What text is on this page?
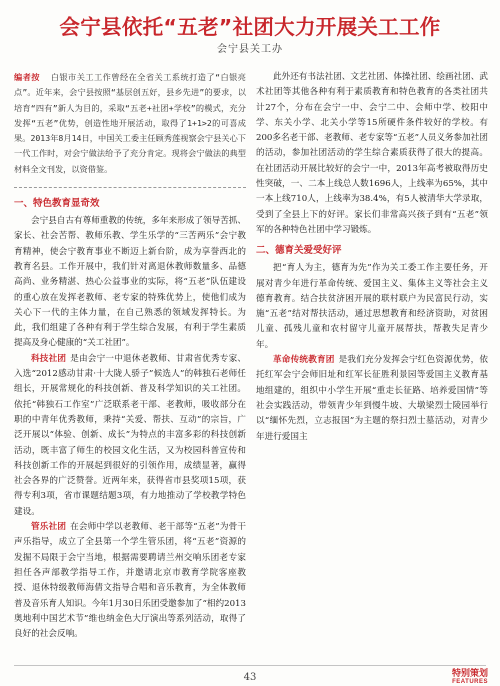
会宁县依托“五老”社团大力开展关工工作
会宁县关工办

编者按 白银市关工工作曾经在全省关工系统打造了“白银亮点”。近年来，会宁县按照“基层创五好，县乡先进”的要求，以培育“四有”新人为目的，采取“五老+社团+学校”的模式，充分发挥“五老”优势，创造性地开展活动，取得了1+1>2的可喜成果。2013年8月14日，中国关工委主任顾秀莲视察会宁县关心下一代工作时，对会宁做法给予了充分肯定。现将会宁做法的典型材料全文刊发，以资借鉴。

一、特色教育显奇效

会宁县自古有尊师重教的传统，多年来形成了领导苦抓、家长、社会苦帮、教师乐教、学生乐学的“三苦两乐”会宁教育精神，使会宁教育事业不断迈上新台阶，成为享誉西北的教育名县。工作开展中，我们针对离退休教师数量多、品德高尚、业务精湛、热心公益事业的实际，将“五老”队伍建设的重心放在发挥老教师、老专家的特殊优势上，使他们成为关心下一代的主体力量，在自己熟悉的领域发挥特长。为此，我们组建了各种有利于学生综合发展，有利于学生素质提高及身心健康的“关工社团”。

科技社团 是由会宁一中退休老教师、甘肃省优秀专家、入选“2012感动甘肃·十大陇人骄子”候选人”的韩独石老师任组长，开展常规化的科技创新、普及科学知识的关工社团。依托“韩独石工作室”广泛联系老干部、老教师，吸收部分在职的中青年优秀教师，秉持“关爱、帮扶、互动”的宗旨，广泛开展以“体验、创新、成长”为特点的丰富多彩的科技创新活动，既丰富了师生的校园文化生活，又为校园科普宣传和科技创新工作的开展起到很好的引领作用，成绩显著，赢得社会各界的广泛赞誉。近两年来，获得省市县奖项15项，获得专利3项，省市课题结题3项，有力地推动了学校教学特色建设。

管乐社团 在会师中学以老教师、老干部等“五老”为骨干声乐指导，成立了全县第一个学生管乐团，将“五老”资源的发掘不局限于会宁当地，根据需要聘请兰州交响乐团老专家担任各声部教学指导工作，并邀请北京市教育学院客座教授、退休特级教师海倩文指导合唱和音乐教育，为全体教师普及音乐育人知识。今年1月30日乐团受邀参加了“相约2013奥地利中国艺术节”维也纳金色大厅演出等系列活动，取得了良好的社会反响。

此外还有书法社团、文艺社团、体操社团、绘画社团、武术社团等其他各种有利于素质教育和特色教育的各类社团共计27个，分布在会宁一中、会宁二中、会师中学、校阳中学、东关小学、北关小学等15所硬件条件较好的学校。有200多名老干部、老教师、老专家等“五老”人员义务参加社团的活动，参加社团活动的学生综合素质获得了很大的提高。在社团活动开展比较好的会宁一中，2013年高考被取得历史性突破，一、二本上线总人数1696人，上线率为65%，其中一本上线710人，上线率为38.4%，有5人被清华大学录取，受到了全县上下的好评。家长们非常高兴孩子到有“五老”领军的各种特色社团中学习锻炼。

二、德育关爱受好评

把“育人为主，德育为先”作为关工委工作主要任务，开展对青少年进行革命传统、爱国主义、集体主义等社会主义德育教育。结合扶贫济困开展的联村联户为民富民行动，实施“五老”结对帮扶活动，通过思想教育和经济资助，对贫困儿童、孤残儿童和农村留守儿童开展帮扶，帮教失足青少年。

革命传统教育团 是我们充分发挥会宁红色资源优势，依托红军会宁会师旧址和红军长征胜利景园等爱国主义教育基地组建的，组织中小学生开展“重走长征路、培养爱国情”等社会实践活动，带领青少年到慢牛坡、大墩梁烈士陵园举行以“缅怀先烈，立志报国”为主题的祭扫烈士墓活动，对青少年进行爱国主

43	特别策划
FEATURES
